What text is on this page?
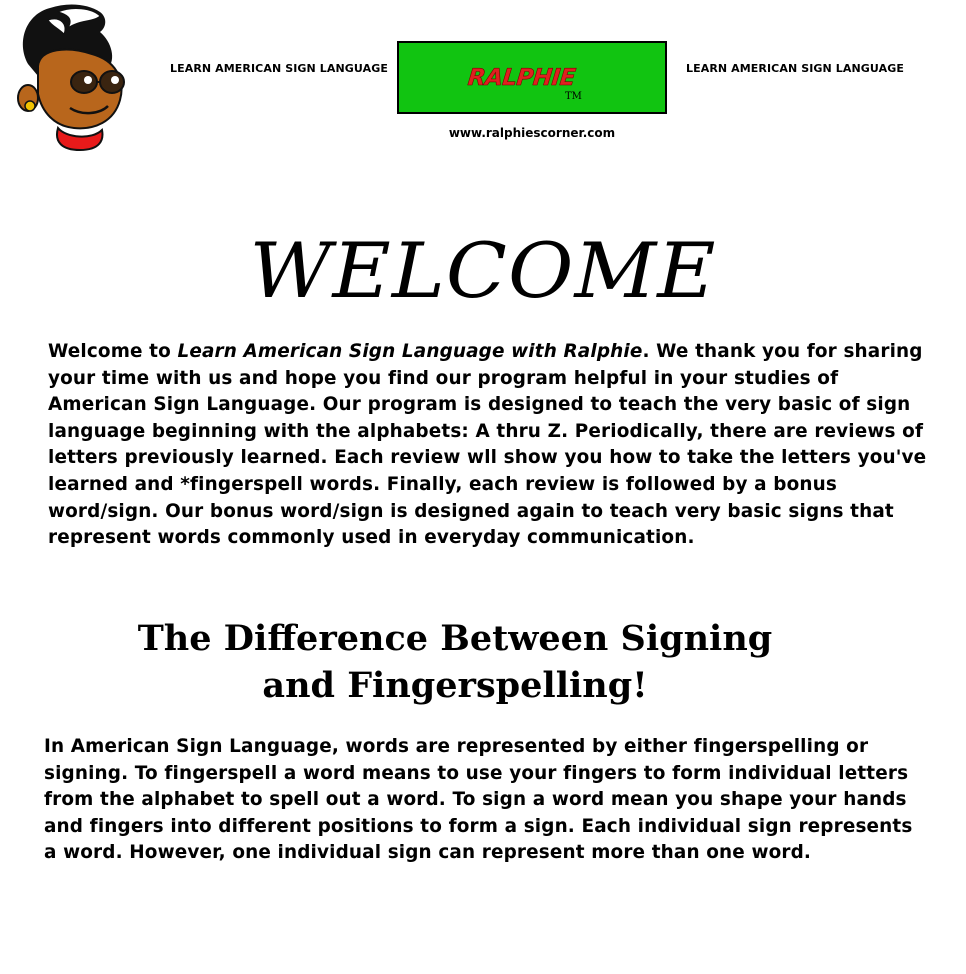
LEARN AMERICAN SIGN LANGUAGE	RALPHIE
TM
LEARN AMERICAN SIGN LANGUAGE
www.ralphiescorner.com
WELCOME

Welcome to Learn American Sign Language with Ralphie. We thank you for sharing your time with us and hope you find our program helpful in your studies of American Sign Language. Our program is designed to teach the very basic of sign language beginning with the alphabets: A thru Z. Periodically, there are reviews of letters previously learned. Each review wll show you how to take the letters you've learned and *fingerspell words. Finally, each review is followed by a bonus word/sign. Our bonus word/sign is designed again to teach very basic signs that represent words commonly used in everyday communication.

The Difference Between Signing
and Fingerspelling!

In American Sign Language, words are represented by either fingerspelling or signing. To fingerspell a word means to use your fingers to form individual letters from the alphabet to spell out a word. To sign a word mean you shape your hands and fingers into different positions to form a sign. Each individual sign represents a word. However, one individual sign can represent more than one word.
